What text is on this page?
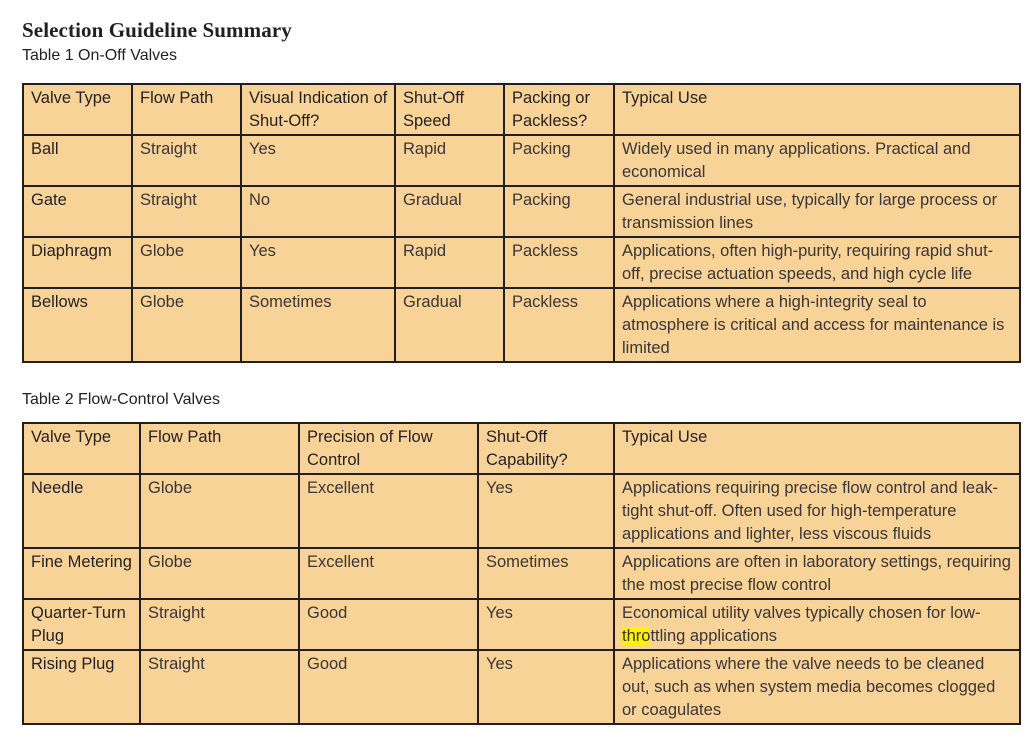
Selection Guideline Summary
Table 1 On-Off Valves
Valve Type	Flow Path	Visual Indication of Shut-Off?	Shut-Off Speed	Packing or Packless?	Typical Use
Ball	Straight	Yes	Rapid	Packing	Widely used in many applications. Practical and economical
Gate	Straight	No	Gradual	Packing	General industrial use, typically for large process or transmission lines
Diaphragm	Globe	Yes	Rapid	Packless	Applications, often high-purity, requiring rapid shut-off, precise actuation speeds, and high cycle life
Bellows	Globe	Sometimes	Gradual	Packless	Applications where a high-integrity seal to atmosphere is critical and access for maintenance is limited
Table 2 Flow-Control Valves
Valve Type	Flow Path	Precision of Flow Control	Shut-Off Capability?	Typical Use
Needle	Globe	Excellent	Yes	Applications requiring precise flow control and leak-tight shut-off. Often used for high-temperature applications and lighter, less viscous fluids
Fine Metering	Globe	Excellent	Sometimes	Applications are often in laboratory settings, requiring the most precise flow control
Quarter-Turn Plug	Straight	Good	Yes	Economical utility valves typically chosen for low-throttling applications
Rising Plug	Straight	Good	Yes	Applications where the valve needs to be cleaned out, such as when system media becomes clogged or coagulates
